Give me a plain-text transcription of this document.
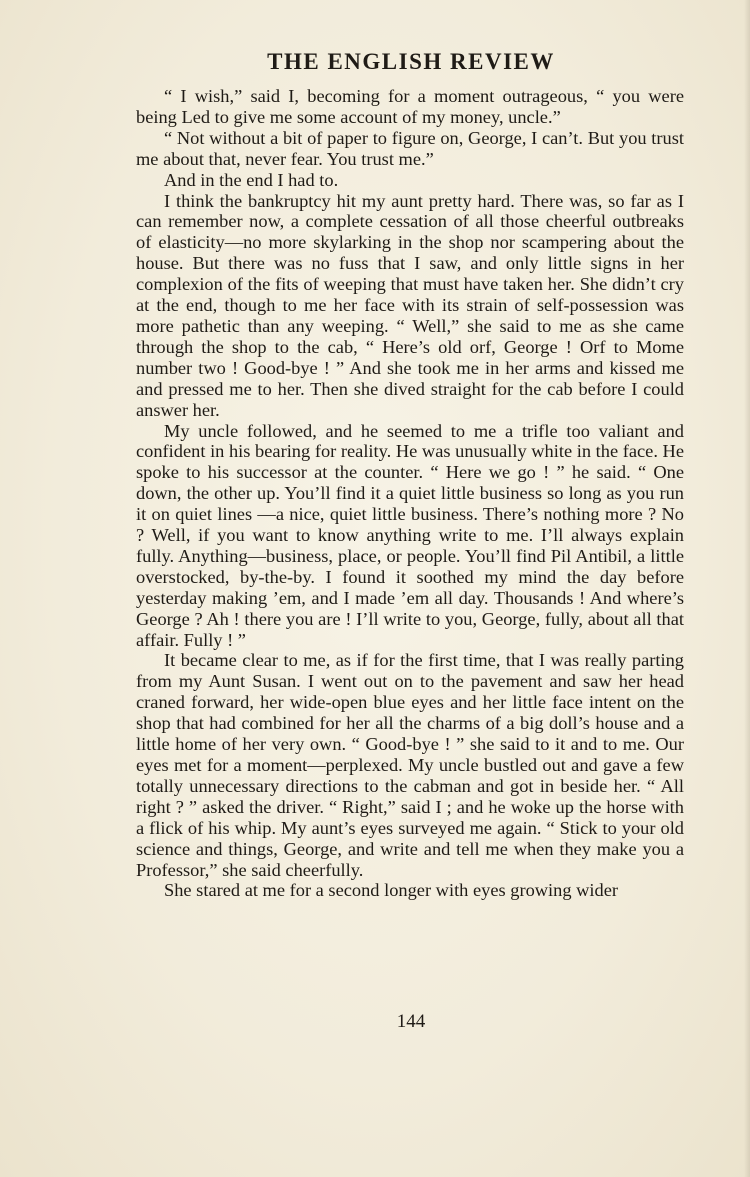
THE ENGLISH REVIEW

“ I wish,” said I, becoming for a moment outrageous, “ you were being Led to give me some account of my money, uncle.”

“ Not without a bit of paper to figure on, George, I can’t. But you trust me about that, never fear. You trust me.”

And in the end I had to.

I think the bankruptcy hit my aunt pretty hard. There was, so far as I can remember now, a complete cessation of all those cheerful outbreaks of elasticity—no more skylarking in the shop nor scampering about the house. But there was no fuss that I saw, and only little signs in her complexion of the fits of weeping that must have taken her. She didn’t cry at the end, though to me her face with its strain of self-possession was more pathetic than any weeping. “ Well,” she said to me as she came through the shop to the cab, “ Here’s old orf, George ! Orf to Mome number two ! Good-bye ! ” And she took me in her arms and kissed me and pressed me to her. Then she dived straight for the cab before I could answer her.

My uncle followed, and he seemed to me a trifle too valiant and confident in his bearing for reality. He was unusually white in the face. He spoke to his successor at the counter. “ Here we go ! ” he said. “ One down, the other up. You’ll find it a quiet little business so long as you run it on quiet lines —a nice, quiet little business. There’s nothing more ? No ? Well, if you want to know anything write to me. I’ll always explain fully. Anything—business, place, or people. You’ll find Pil Antibil, a little overstocked, by-the-by. I found it soothed my mind the day before yesterday making ’em, and I made ’em all day. Thousands ! And where’s George ? Ah ! there you are ! I’ll write to you, George, fully, about all that affair. Fully ! ”

It became clear to me, as if for the first time, that I was really parting from my Aunt Susan. I went out on to the pavement and saw her head craned forward, her wide-open blue eyes and her little face intent on the shop that had combined for her all the charms of a big doll’s house and a little home of her very own. “ Good-bye ! ” she said to it and to me. Our eyes met for a moment—perplexed. My uncle bustled out and gave a few totally unnecessary directions to the cabman and got in beside her. “ All right ? ” asked the driver. “ Right,” said I ; and he woke up the horse with a flick of his whip. My aunt’s eyes surveyed me again. “ Stick to your old science and things, George, and write and tell me when they make you a Professor,” she said cheerfully.

She stared at me for a second longer with eyes growing wider

144
